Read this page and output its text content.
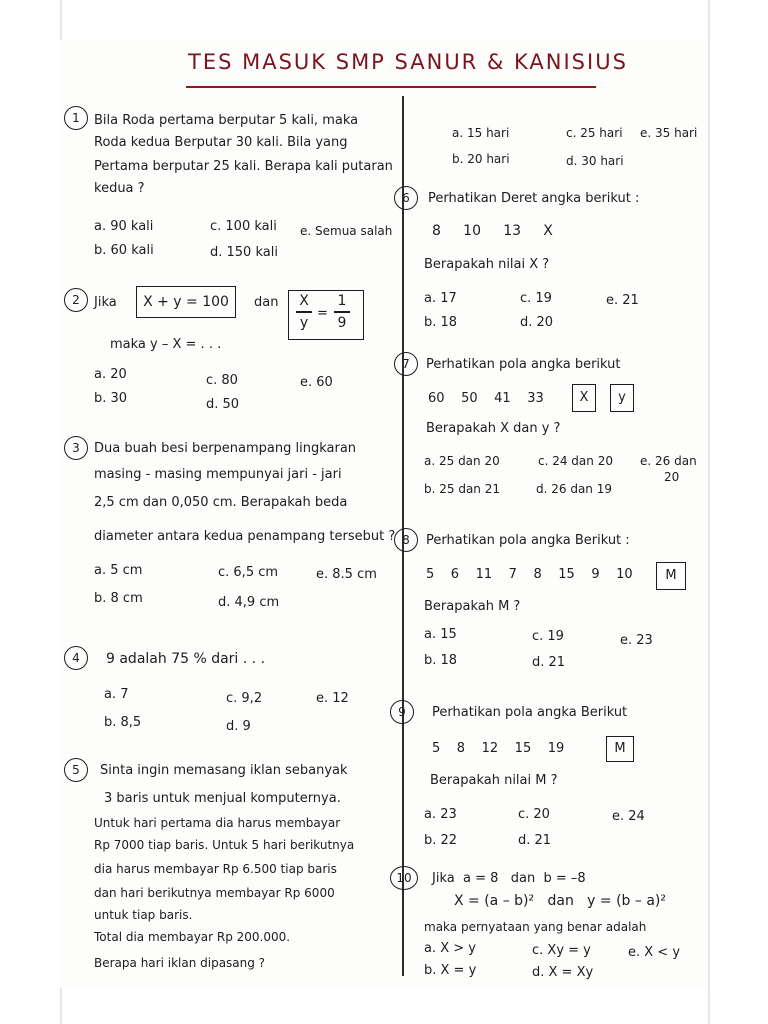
TES MASUK SMP SANUR & KANISIUS
1	Bila Roda pertama berputar 5 kali, maka
Roda kedua Berputar 30 kali. Bila yang
Pertama berputar 25 kali. Berapa kali putaran
kedua ?
a. 90 kali
b. 60 kali
c. 100 kali
d. 150 kali
e. Semua salah
2	Jika	X + y = 100	dan X
y
=
1
9
maka y – X = . . .
a. 20
b. 30
c. 80
d. 50
e. 60
3	Dua buah besi berpenampang lingkaran
masing - masing mempunyai jari - jari
2,5 cm dan 0,050 cm. Berapakah beda
diameter antara kedua penampang tersebut ?
a. 5 cm
b. 8 cm
c. 6,5 cm
d. 4,9 cm
e. 8.5 cm
4	9 adalah 75 % dari . . .
a. 7
b. 8,5
c. 9,2
d. 9
e. 12
5	Sinta ingin memasang iklan sebanyak
3 baris untuk menjual komputernya.
Untuk hari pertama dia harus membayar
Rp 7000 tiap baris. Untuk 5 hari berikutnya
dia harus membayar Rp 6.500 tiap baris
dan hari berikutnya membayar Rp 6000
untuk tiap baris.
Total dia membayar Rp 200.000.
Berapa hari iklan dipasang ?
a. 15 hari
b. 20 hari
c. 25 hari
d. 30 hari
e. 35 hari
6	Perhatikan Deret angka berikut :
8     10     13     X
Berapakah nilai X ?
a. 17
b. 18
c. 19
d. 20
e. 21
7	Perhatikan pola angka berikut
60    50    41    33	X	y
Berapakah X dan y ?
a. 25 dan 20
b. 25 dan 21
c. 24 dan 20
d. 26 dan 19
e. 26 dan
20
8	Perhatikan pola angka Berikut :
5    6    11    7    8    15    9    10	M
Berapakah M ?
a. 15
b. 18
c. 19
d. 21
e. 23
9	Perhatikan pola angka Berikut
5    8    12    15    19	M
Berapakah nilai M ?
a. 23
b. 22
c. 20
d. 21
e. 24
10	Jika  a = 8   dan  b = –8
X = (a – b)²   dan   y = (b – a)²
maka pernyataan yang benar adalah
a. X > y
b. X = y
c. Xy = y
d. X = Xy
e. X < y
